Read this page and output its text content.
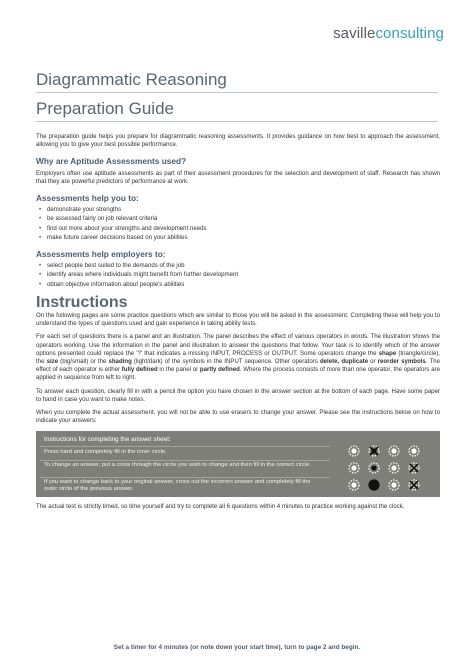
savilleconsulting
Diagrammatic Reasoning
Preparation Guide

The preparation guide helps you prepare for diagrammatic reasoning assessments. It provides guidance on how best to approach the assessment, allowing you to give your best possible performance.

Why are Aptitude Assessments used?

Employers often use aptitude assessments as part of their assessment procedures for the selection and development of staff. Research has shown that they are powerful predictors of performance at work.

Assessments help you to:
• demonstrate your strengths
• be assessed fairly on job relevant criteria
• find out more about your strengths and development needs
• make future career decisions based on your abilities
Assessments help employers to:
• select people best suited to the demands of the job
• identify areas where individuals might benefit from further development
• obtain objective information about people's abilities
Instructions

On the following pages are some practice questions which are similar to those you will be asked in the assessment. Completing these will help you to understand the types of questions used and gain experience in taking ability tests.

For each set of questions there is a panel and an illustration. The panel describes the effect of various operators in words. The illustration shows the operators working. Use the information in the panel and illustration to answer the questions that follow. Your task is to identify which of the answer options presented could replace the '?' that indicates a missing INPUT, PROCESS or OUTPUT. Some operators change the shape (triangle/circle), the size (big/small) or the shading (light/dark) of the symbols in the INPUT sequence. Other operators delete, duplicate or reorder symbols. The effect of each operator is either fully defined in the panel or partly defined. Where the process consists of more than one operator, the operators are applied in sequence from left to right.

To answer each question, clearly fill in with a pencil the option you have chosen in the answer section at the bottom of each page. Have some paper to hand in case you want to make notes.

When you complete the actual assessment, you will not be able to use erasers to change your answer. Please see the instructions below on how to indicate your answers:

Instructions for completing the answer sheet:
Press hard and completely fill in the inner circle.
To change an answer, put a cross through the circle you wish to change and then fill in the correct circle.
If you want to change back to your original answer, cross out the incorrect answer and completely fill the outer circle of the previous answer.

The actual test is strictly timed, so time yourself and try to complete all 6 questions within 4 minutes to practice working against the clock.

Set a timer for 4 minutes (or note down your start time), turn to page 2 and begin.
